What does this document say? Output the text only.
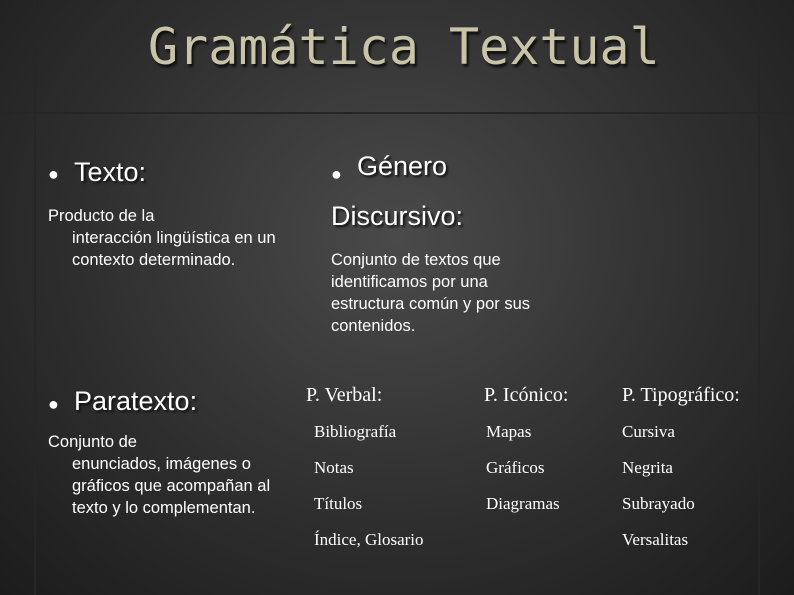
Gramática Textual
● Texto:
Producto de la
interacción lingüística en un contexto determinado.
● Género
Discursivo:
Conjunto de textos que identificamos por una estructura común y por sus contenidos.
● Paratexto:
Conjunto de
enunciados, imágenes o gráficos que acompañan al texto y lo complementan.
P. Verbal:	P. Icónico:	P. Tipográfico:
Bibliografía
Notas
Títulos
Índice, Glosario
Mapas
Gráficos
Diagramas
Cursiva
Negrita
Subrayado
Versalitas
